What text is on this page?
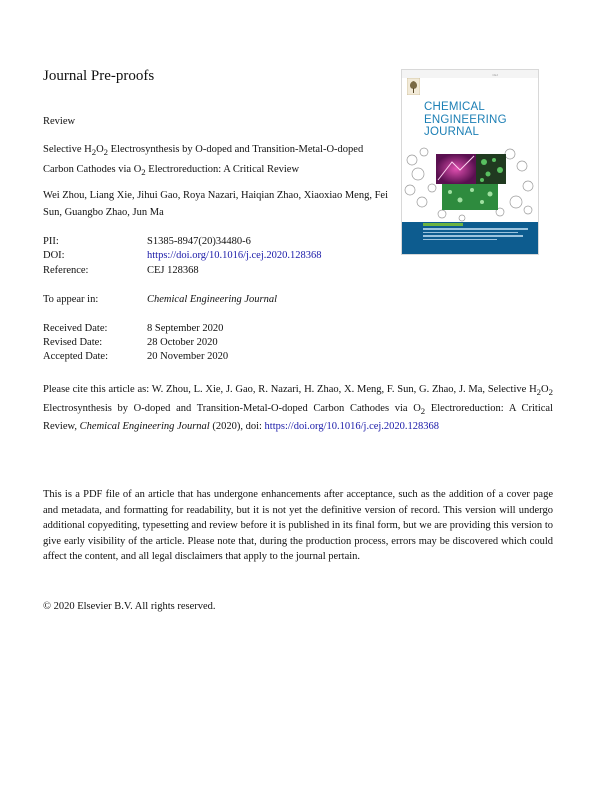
Journal Pre-proofs
Review
Selective $H_2O_2$ Electrosynthesis by O-doped and Transition-Metal-O-doped Carbon Cathodes via $O_2$ Electroreduction: A Critical Review
Wei Zhou, Liang Xie, Jihui Gao, Roya Nazari, Haiqian Zhao, Xiaoxiao Meng, Fei Sun, Guangbo Zhao, Jun Ma
PII:	S1385-8947(20)34480-6
DOI:	https://doi.org/10.1016/j.cej.2020.128368
Reference:	CEJ 128368
To appear in:	Chemical Engineering Journal
Received Date:	8 September 2020
Revised Date:	28 October 2020
Accepted Date:	20 November 2020
Please cite this article as: W. Zhou, L. Xie, J. Gao, R. Nazari, H. Zhao, X. Meng, F. Sun, G. Zhao, J. Ma, Selective $H_2O_2$ Electrosynthesis by O-doped and Transition-Metal-O-doped Carbon Cathodes via $O_2$ Electroreduction: A Critical Review, Chemical Engineering Journal (2020), doi: https://doi.org/10.1016/j.cej.2020.128368
This is a PDF file of an article that has undergone enhancements after acceptance, such as the addition of a cover page and metadata, and formatting for readability, but it is not yet the definitive version of record. This version will undergo additional copyediting, typesetting and review before it is published in its final form, but we are providing this version to give early visibility of the article. Please note that, during the production process, errors may be discovered which could affect the content, and all legal disclaimers that apply to the journal pertain.
© 2020 Elsevier B.V. All rights reserved.
CEJ
CHEMICAL
ENGINEERING
JOURNAL
